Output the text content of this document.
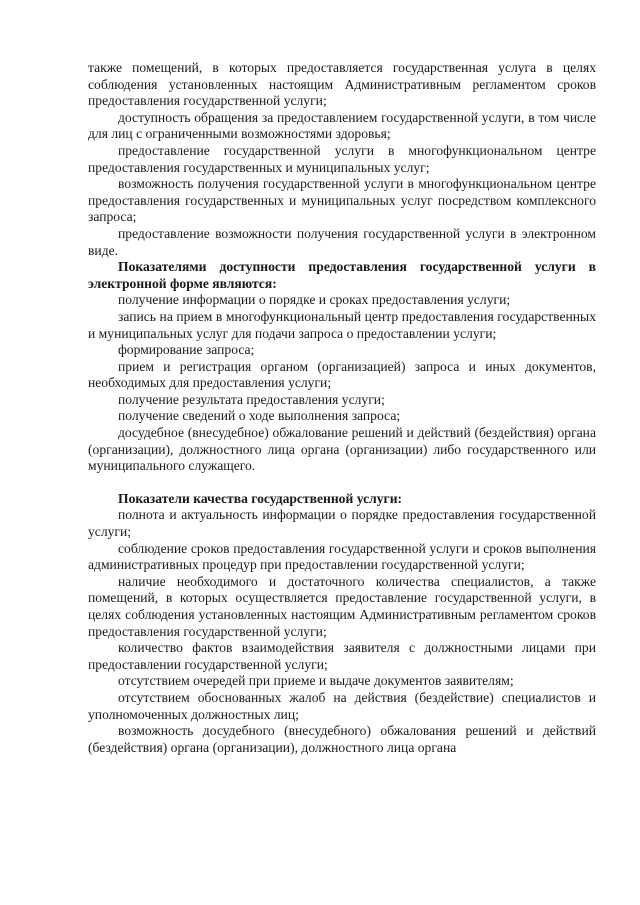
также помещений, в которых предоставляется государственная услуга в целях соблюдения установленных настоящим Административным регламентом сроков предоставления государственной услуги;

доступность обращения за предоставлением государственной услуги, в том числе для лиц с ограниченными возможностями здоровья;

предоставление государственной услуги в многофункциональном центре предоставления государственных и муниципальных услуг;

возможность получения государственной услуги в многофункциональном центре предоставления государственных и муниципальных услуг посредством комплексного запроса;

предоставление возможности получения государственной услуги в электронном виде.

Показателями доступности предоставления государственной услуги в электронной форме являются:

получение информации о порядке и сроках предоставления услуги;

запись на прием в многофункциональный центр предоставления государственных и муниципальных услуг для подачи запроса о предоставлении услуги;

формирование запроса;

прием и регистрация органом (организацией) запроса и иных документов, необходимых для предоставления услуги;

получение результата предоставления услуги;

получение сведений о ходе выполнения запроса;

досудебное (внесудебное) обжалование решений и действий (бездействия) органа (организации), должностного лица органа (организации) либо государственного или муниципального служащего.

Показатели качества государственной услуги:

полнота и актуальность информации о порядке предоставления государственной услуги;

соблюдение сроков предоставления государственной услуги и сроков выполнения административных процедур при предоставлении государственной услуги;

наличие необходимого и достаточного количества специалистов, а также помещений, в которых осуществляется предоставление государственной услуги, в целях соблюдения установленных настоящим Административным регламентом сроков предоставления государственной услуги;

количество фактов взаимодействия заявителя с должностными лицами при предоставлении государственной услуги;

отсутствием очередей при приеме и выдаче документов заявителям;

отсутствием обоснованных жалоб на действия (бездействие) специалистов и уполномоченных должностных лиц;

возможность досудебного (внесудебного) обжалования решений и действий (бездействия) органа (организации), должностного лица органа
